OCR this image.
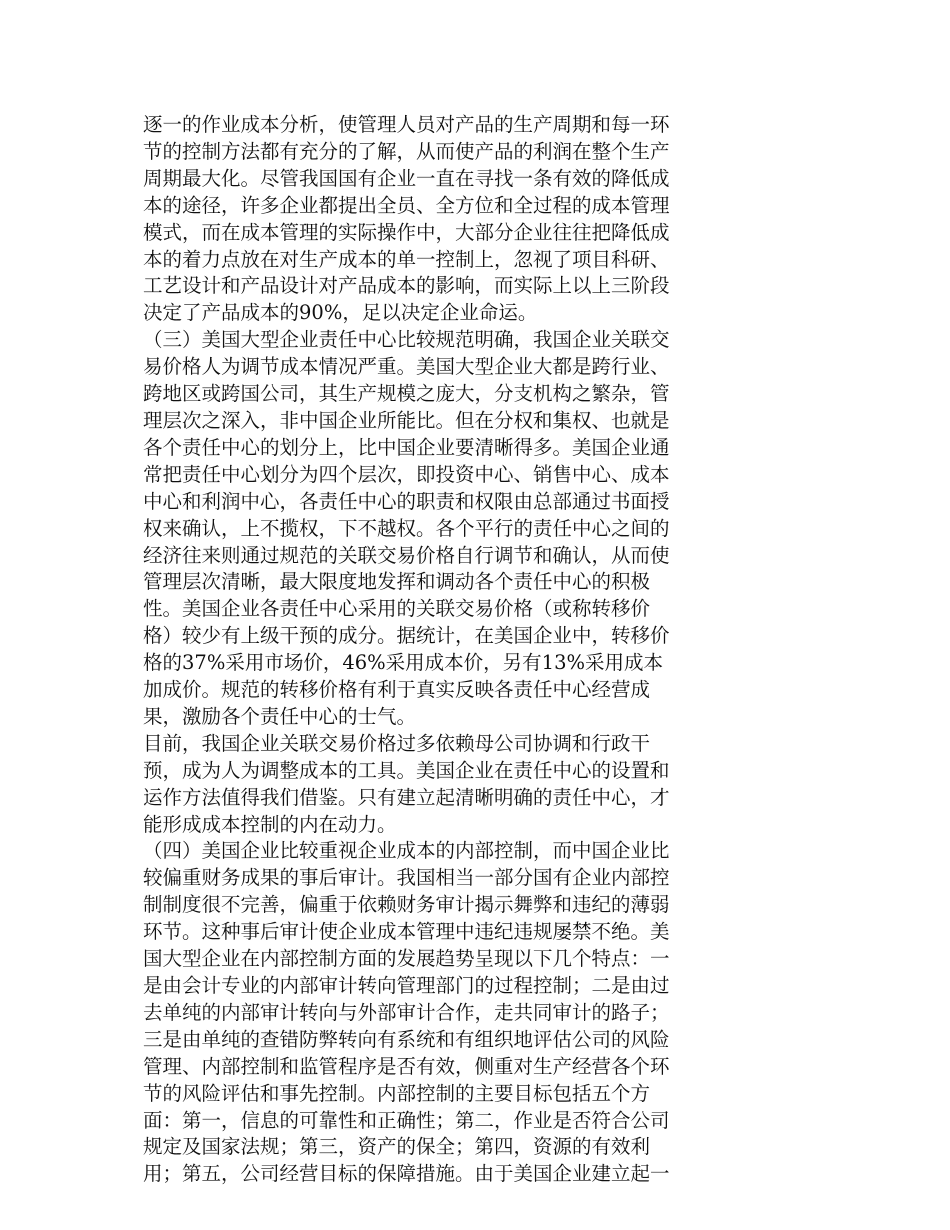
逐一的作业成本分析，使管理人员对产品的生产周期和每一环
节的控制方法都有充分的了解，从而使产品的利润在整个生产
周期最大化。尽管我国国有企业一直在寻找一条有效的降低成
本的途径，许多企业都提出全员、全方位和全过程的成本管理
模式，而在成本管理的实际操作中，大部分企业往往把降低成
本的着力点放在对生产成本的单一控制上，忽视了项目科研、
工艺设计和产品设计对产品成本的影响，而实际上以上三阶段
决定了产品成本的90%，足以决定企业命运。
（三）美国大型企业责任中心比较规范明确，我国企业关联交
易价格人为调节成本情况严重。美国大型企业大都是跨行业、
跨地区或跨国公司，其生产规模之庞大，分支机构之繁杂，管
理层次之深入，非中国企业所能比。但在分权和集权、也就是
各个责任中心的划分上，比中国企业要清晰得多。美国企业通
常把责任中心划分为四个层次，即投资中心、销售中心、成本
中心和利润中心，各责任中心的职责和权限由总部通过书面授
权来确认，上不揽权，下不越权。各个平行的责任中心之间的
经济往来则通过规范的关联交易价格自行调节和确认，从而使
管理层次清晰，最大限度地发挥和调动各个责任中心的积极
性。美国企业各责任中心采用的关联交易价格（或称转移价
格）较少有上级干预的成分。据统计，在美国企业中，转移价
格的37%采用市场价，46%采用成本价，另有13%采用成本
加成价。规范的转移价格有利于真实反映各责任中心经营成
果，激励各个责任中心的士气。
目前，我国企业关联交易价格过多依赖母公司协调和行政干
预，成为人为调整成本的工具。美国企业在责任中心的设置和
运作方法值得我们借鉴。只有建立起清晰明确的责任中心，才
能形成成本控制的内在动力。
（四）美国企业比较重视企业成本的内部控制，而中国企业比
较偏重财务成果的事后审计。我国相当一部分国有企业内部控
制制度很不完善，偏重于依赖财务审计揭示舞弊和违纪的薄弱
环节。这种事后审计使企业成本管理中违纪违规屡禁不绝。美
国大型企业在内部控制方面的发展趋势呈现以下几个特点：一
是由会计专业的内部审计转向管理部门的过程控制；二是由过
去单纯的内部审计转向与外部审计合作，走共同审计的路子；
三是由单纯的查错防弊转向有系统和有组织地评估公司的风险
管理、内部控制和监管程序是否有效，侧重对生产经营各个环
节的风险评估和事先控制。内部控制的主要目标包括五个方
面：第一，信息的可靠性和正确性；第二，作业是否符合公司
规定及国家法规；第三，资产的保全；第四，资源的有效利
用；第五，公司经营目标的保障措施。由于美国企业建立起一
